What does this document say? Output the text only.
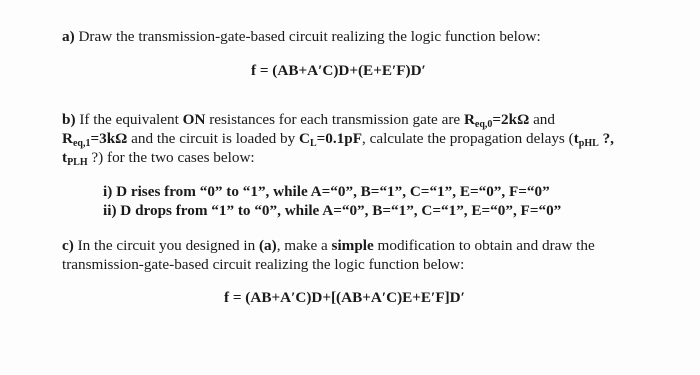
a) Draw the transmission-gate-based circuit realizing the logic function below:
f = (AB+A′C)D+(E+E′F)D′
b) If the equivalent ON resistances for each transmission gate are $R_{eq,0}=2k\Omega$ and
$R_{eq,1}=3k\Omega$ and the circuit is loaded by $C_L=0.1pF$, calculate the propagation delays ($t_{pHL}$ ?,
$t_{PLH}$ ?) for the two cases below:
i) D rises from “0” to “1”, while A=“0”, B=“1”, C=“1”, E=“0”, F=“0”
ii) D drops from “1” to “0”, while A=“0”, B=“1”, C=“1”, E=“0”, F=“0”
c) In the circuit you designed in (a), make a simple modification to obtain and draw the
transmission-gate-based circuit realizing the logic function below:
f = (AB+A′C)D+[(AB+A′C)E+E′F]D′
